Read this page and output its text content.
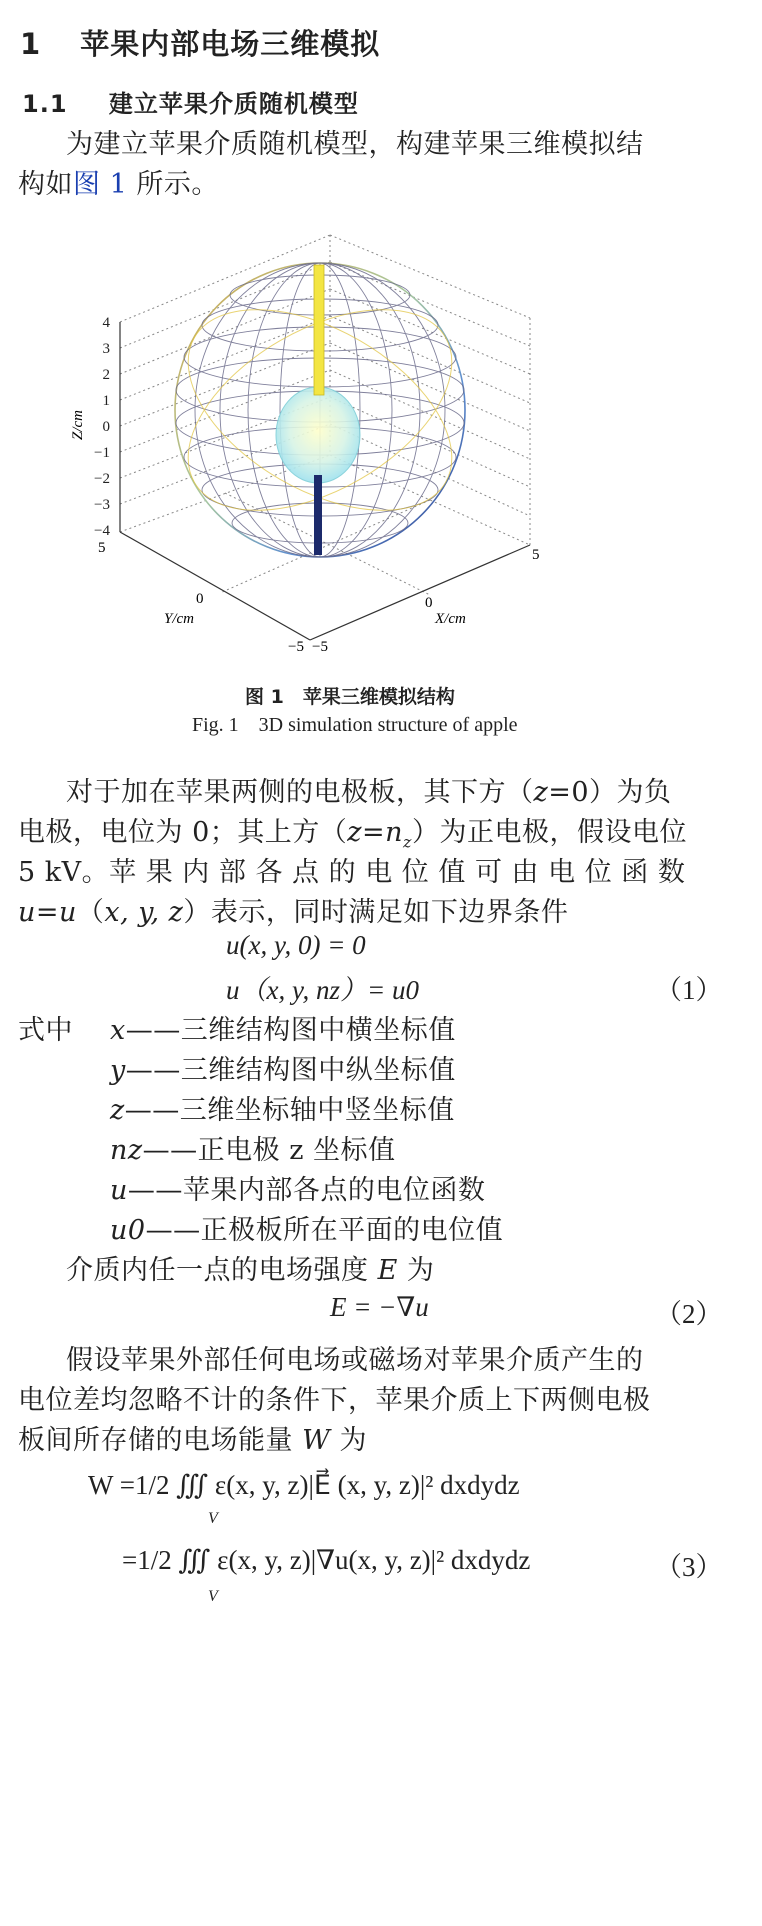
1 苹果内部电场三维模拟
1.1 建立苹果介质随机模型
为建立苹果介质随机模型，构建苹果三维模拟结
构如图 1 所示。
4
3
2
1
0
−1
−2
−3
−4
Z/cm
5
0
−5
Y/cm
−5
0
5
X/cm
图 1　苹果三维模拟结构
Fig. 1　3D simulation structure of apple
对于加在苹果两侧的电极板，其下方（z=0）为负
电极，电位为 0；其上方$(z=n_z)$为正电极，假设电位
5 kV。苹 果 内 部 各 点 的 电 位 值 可 由 电 位 函 数
u=u（x, y, z）表示，同时满足如下边界条件
u(x, y, 0) = 0
u（x, y, nz）= u0	（1）
式中 x——三维结构图中横坐标值
y——三维结构图中纵坐标值
z——三维坐标轴中竖坐标值
nz——正电极 z 坐标值
u——苹果内部各点的电位函数
u0——正极板所在平面的电位值
介质内任一点的电场强度 E 为
E = −∇u	（2）
假设苹果外部任何电场或磁场对苹果介质产生的
电位差均忽略不计的条件下，苹果介质上下两侧电极
板间所存储的电场能量 W 为
W =1/2 ∭ ε(x, y, z)|E⃗ (x, y, z)|² dxdydz
V
=1/2 ∭ ε(x, y, z)|∇u(x, y, z)|² dxdydz
V
（3）
